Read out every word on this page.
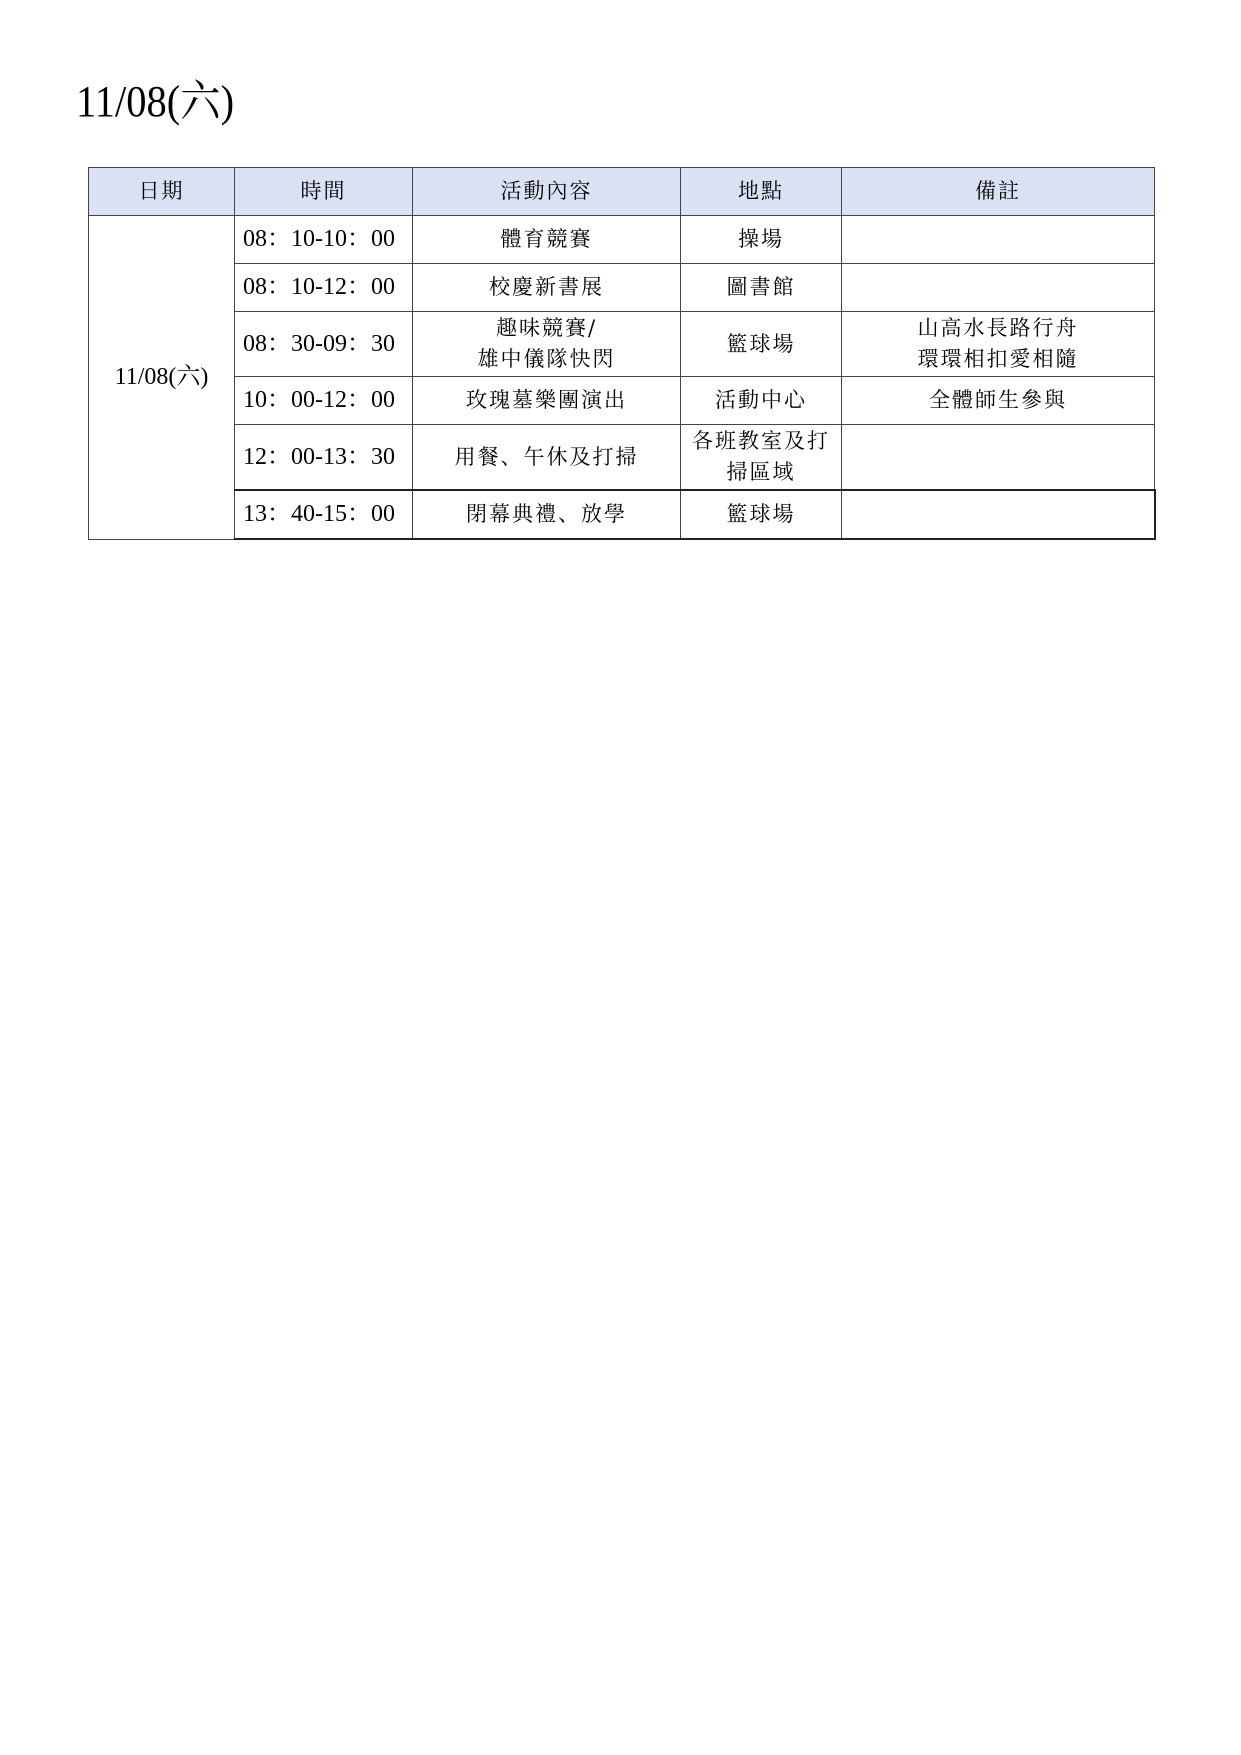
11/08(六)
日期	時間	活動內容	地點	備註
11/08(六)	08：10-10：00	體育競賽	操場	

	08：10-12：00	校慶新書展	圖書館	

	08：30-09：30	趣味競賽/
雄中儀隊快閃	籃球場	山高水長路行舟
環環相扣愛相隨

	10：00-12：00	玫瑰墓樂團演出	活動中心	全體師生參與

	12：00-13：30	用餐、午休及打掃	各班教室及打
掃區域	

	13：40-15：00	閉幕典禮、放學	籃球場	
